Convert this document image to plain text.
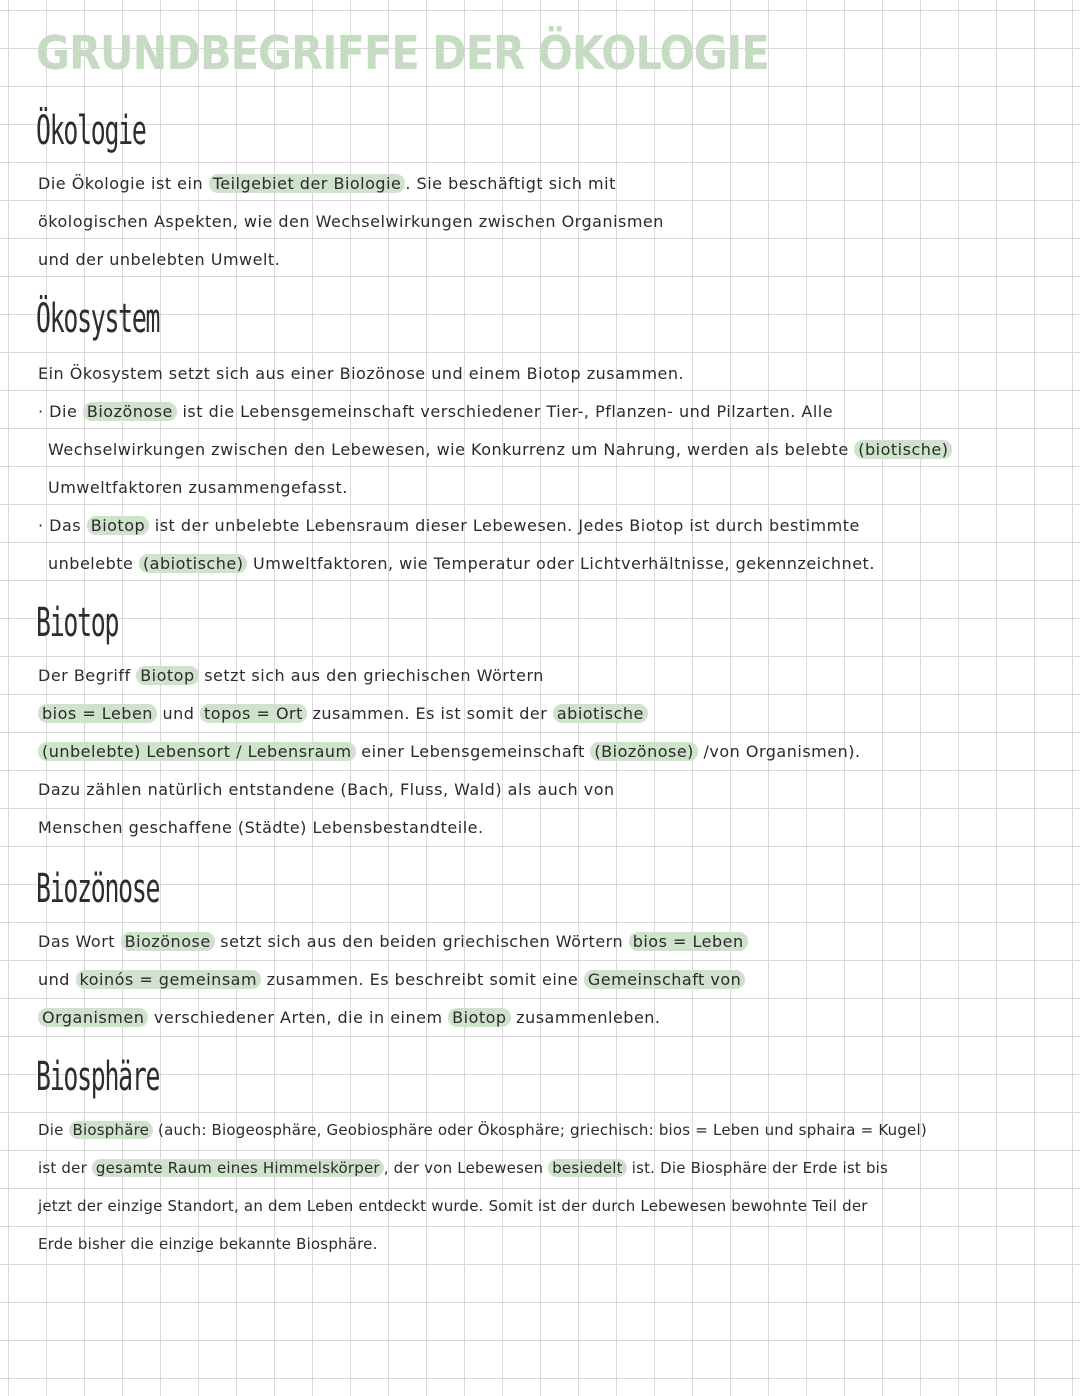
GRUNDBEGRIFFE DER ÖKOLOGIE
Ökologie
Die Ökologie ist ein Teilgebiet der Biologie . Sie beschäftigt sich mit
ökologischen Aspekten, wie den Wechselwirkungen zwischen Organismen
und der unbelebten Umwelt.
Ökosystem
Ein Ökosystem setzt sich aus einer Biozönose und einem Biotop zusammen.
· Die Biozönose ist die Lebensgemeinschaft verschiedener Tier-, Pflanzen- und Pilzarten. Alle
Wechselwirkungen zwischen den Lebewesen, wie Konkurrenz um Nahrung, werden als belebte (biotische)
Umweltfaktoren zusammengefasst.
· Das Biotop ist der unbelebte Lebensraum dieser Lebewesen. Jedes Biotop ist durch bestimmte
unbelebte (abiotische) Umweltfaktoren, wie Temperatur oder Lichtverhältnisse, gekennzeichnet.
Biotop
Der Begriff Biotop setzt sich aus den griechischen Wörtern
bios = Leben und topos = Ort zusammen. Es ist somit der abiotische
(unbelebte) Lebensort / Lebensraum einer Lebensgemeinschaft (Biozönose) /von Organismen).
Dazu zählen natürlich entstandene (Bach, Fluss, Wald) als auch von
Menschen geschaffene (Städte) Lebensbestandteile.
Biozönose
Das Wort Biozönose setzt sich aus den beiden griechischen Wörtern bios = Leben
und koinós = gemeinsam zusammen. Es beschreibt somit eine Gemeinschaft von
Organismen verschiedener Arten, die in einem Biotop zusammenleben.
Biosphäre
Die Biosphäre (auch: Biogeosphäre, Geobiosphäre oder Ökosphäre; griechisch: bios = Leben und sphaira = Kugel)
ist der gesamte Raum eines Himmelskörper , der von Lebewesen besiedelt ist. Die Biosphäre der Erde ist bis
jetzt der einzige Standort, an dem Leben entdeckt wurde. Somit ist der durch Lebewesen bewohnte Teil der
Erde bisher die einzige bekannte Biosphäre.
